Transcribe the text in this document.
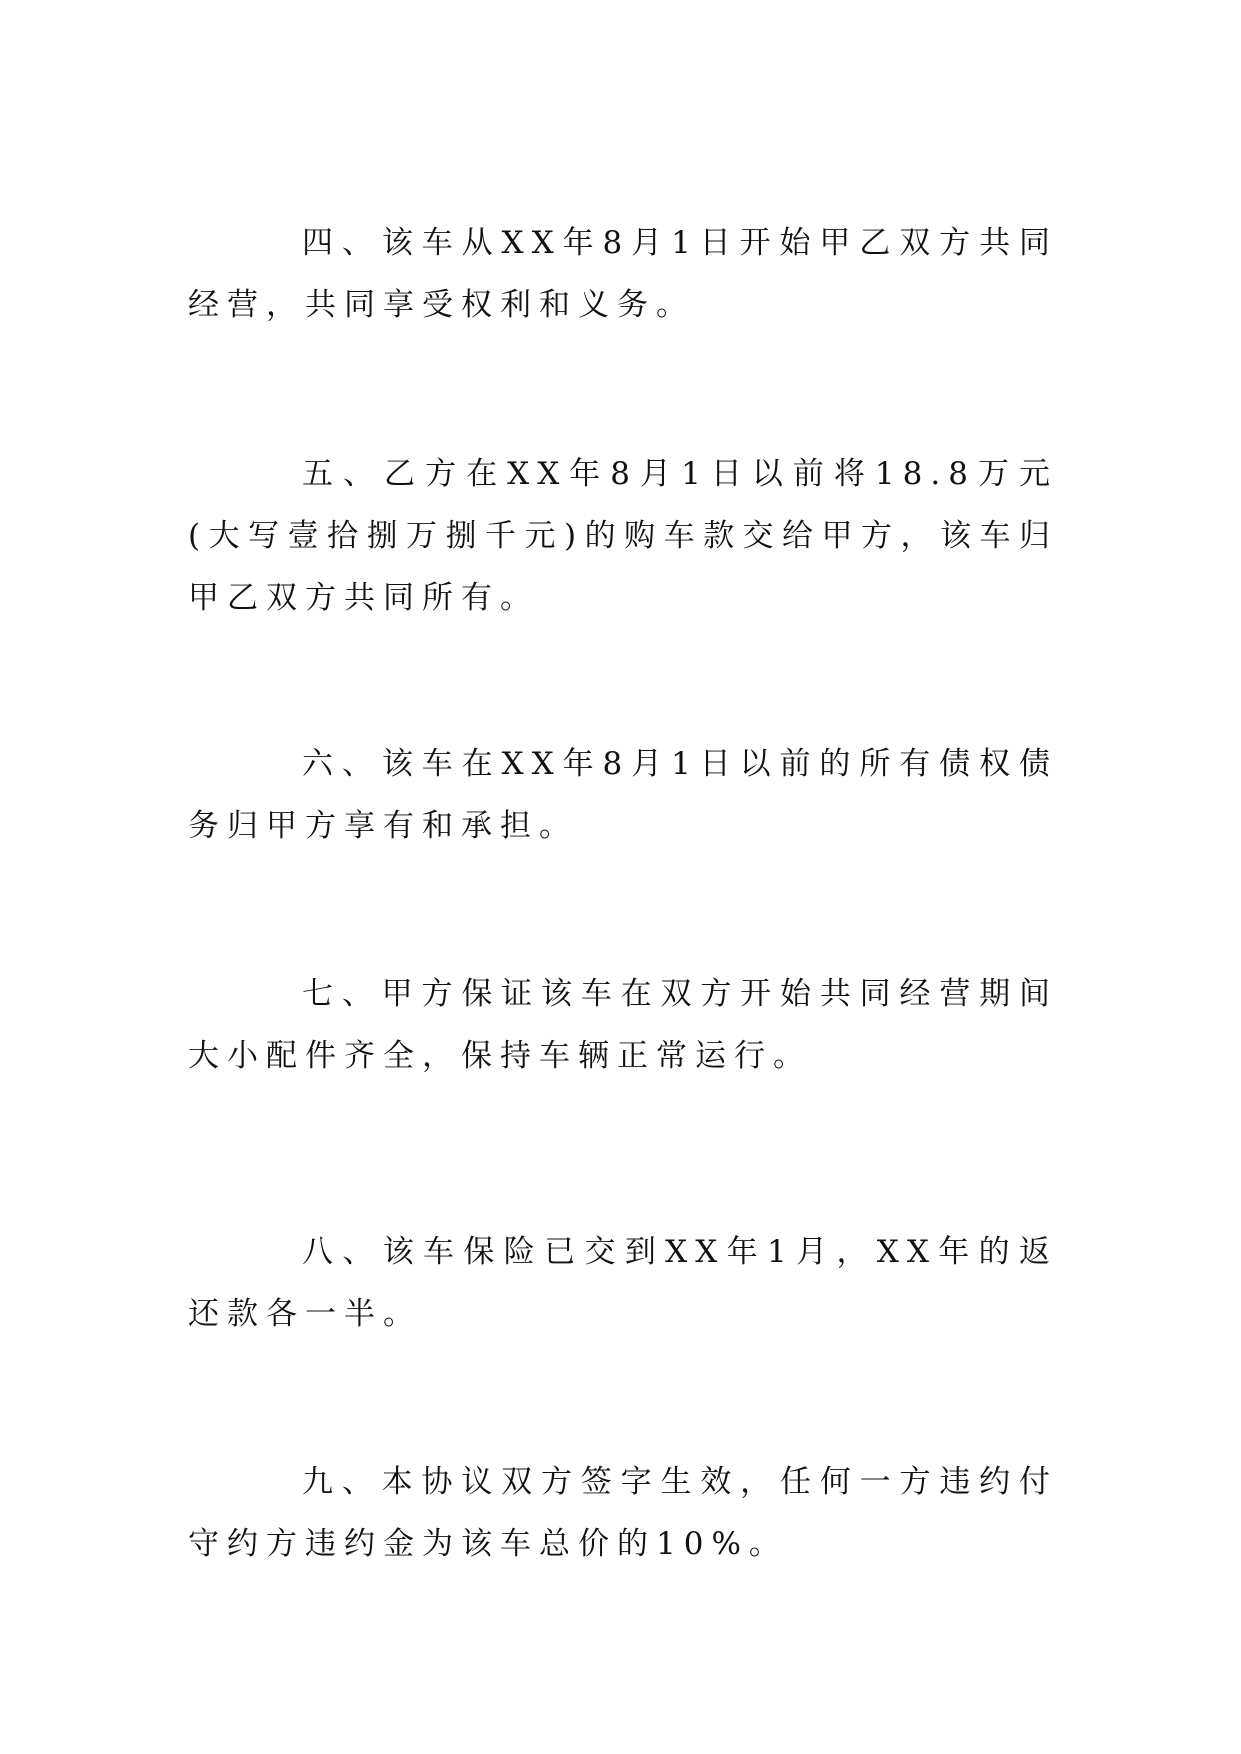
四、该车从XX年8月1日开始甲乙双方共同经营，共同享受权利和义务。

五、乙方在XX年8月1日以前将18.8万元(大写壹拾捌万捌千元)的购车款交给甲方，该车归甲乙双方共同所有。

六、该车在XX年8月1日以前的所有债权债务归甲方享有和承担。

七、甲方保证该车在双方开始共同经营期间大小配件齐全，保持车辆正常运行。

八、该车保险已交到XX年1月，XX年的返还款各一半。

九、本协议双方签字生效，任何一方违约付守约方违约金为该车总价的10%。
